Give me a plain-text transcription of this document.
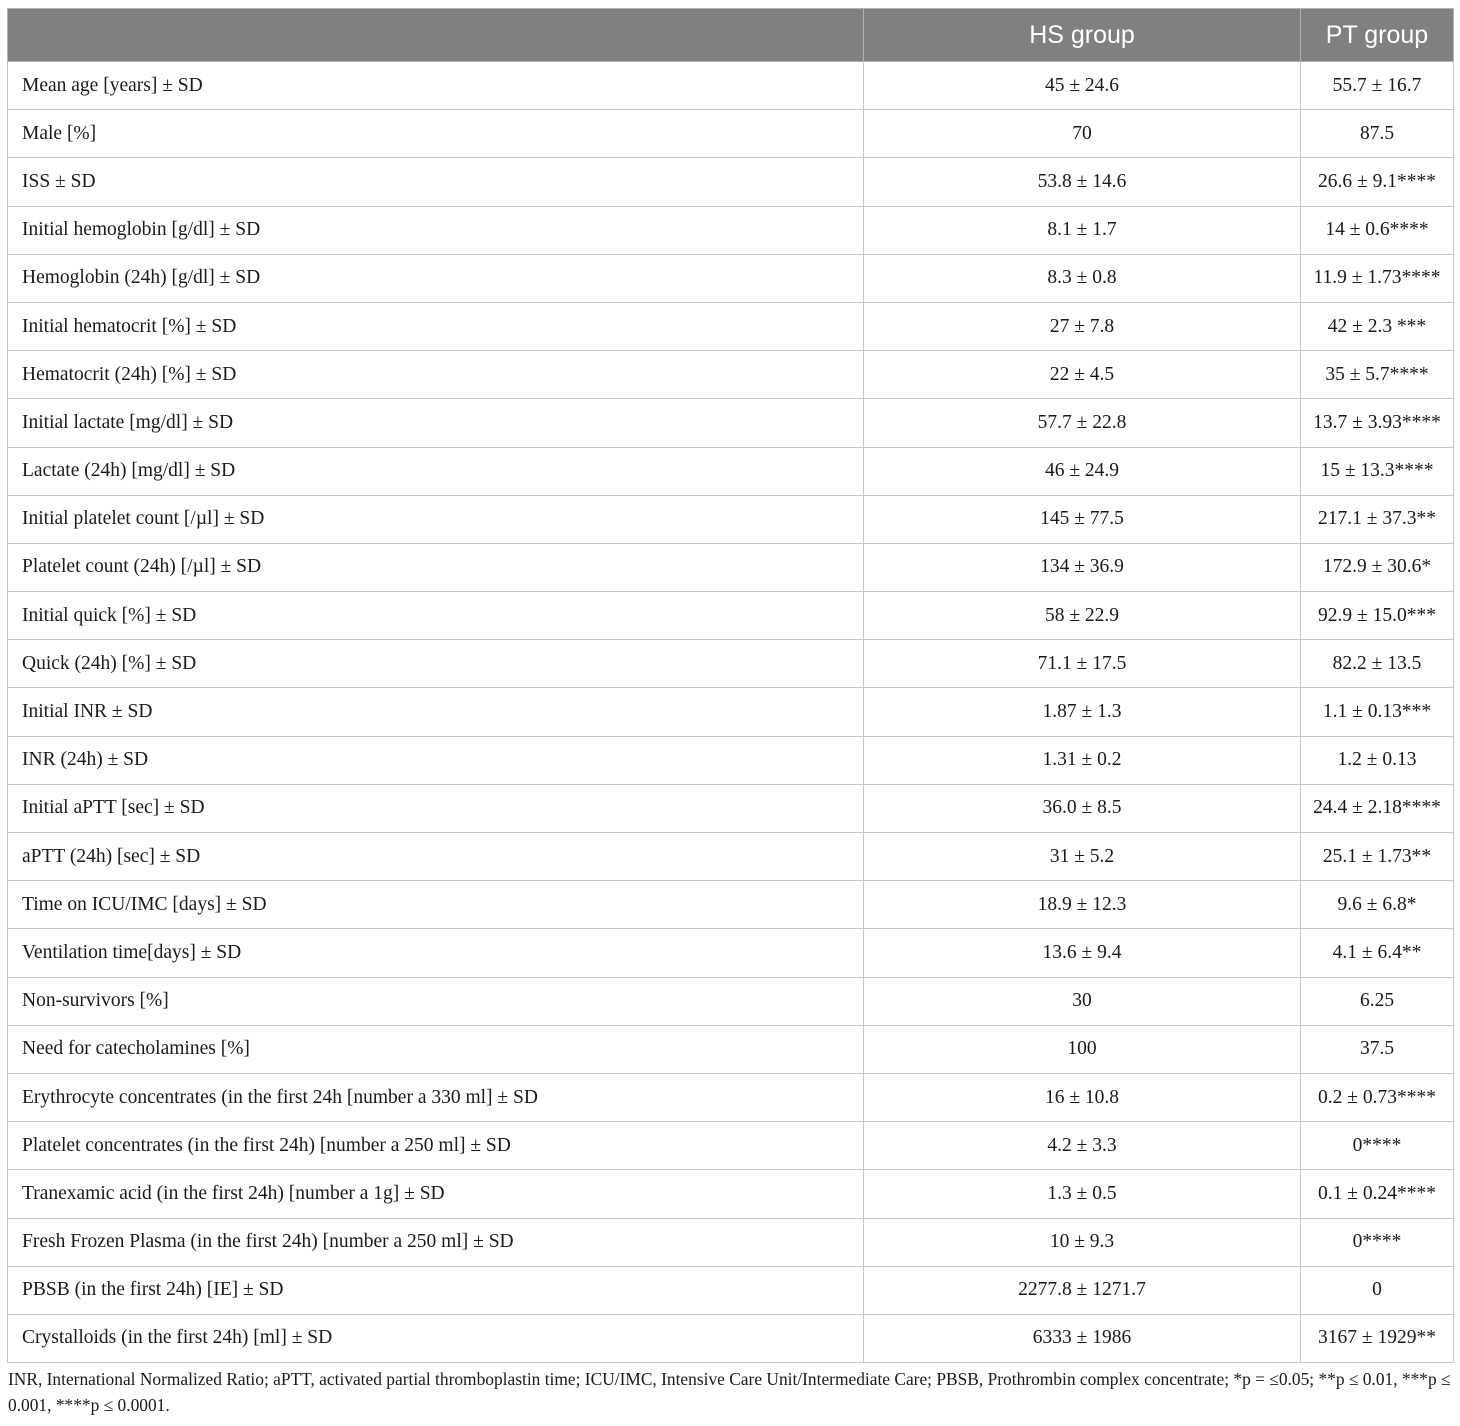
	HS group	PT group
Mean age [years] ± SD	45 ± 24.6	55.7 ± 16.7
Male [%]	70	87.5
ISS ± SD	53.8 ± 14.6	26.6 ± 9.1****
Initial hemoglobin [g/dl] ± SD	8.1 ± 1.7	14 ± 0.6****
Hemoglobin (24h) [g/dl] ± SD	8.3 ± 0.8	11.9 ± 1.73****
Initial hematocrit [%] ± SD	27 ± 7.8	42 ± 2.3 ***
Hematocrit (24h) [%] ± SD	22 ± 4.5	35 ± 5.7****
Initial lactate [mg/dl] ± SD	57.7 ± 22.8	13.7 ± 3.93****
Lactate (24h) [mg/dl] ± SD	46 ± 24.9	15 ± 13.3****
Initial platelet count [/µl] ± SD	145 ± 77.5	217.1 ± 37.3**
Platelet count (24h) [/µl] ± SD	134 ± 36.9	172.9 ± 30.6*
Initial quick [%] ± SD	58 ± 22.9	92.9 ± 15.0***
Quick (24h) [%] ± SD	71.1 ± 17.5	82.2 ± 13.5
Initial INR ± SD	1.87 ± 1.3	1.1 ± 0.13***
INR (24h) ± SD	1.31 ± 0.2	1.2 ± 0.13
Initial aPTT [sec] ± SD	36.0 ± 8.5	24.4 ± 2.18****
aPTT (24h) [sec] ± SD	31 ± 5.2	25.1 ± 1.73**
Time on ICU/IMC [days] ± SD	18.9 ± 12.3	9.6 ± 6.8*
Ventilation time[days] ± SD	13.6 ± 9.4	4.1 ± 6.4**
Non-survivors [%]	30	6.25
Need for catecholamines [%]	100	37.5
Erythrocyte concentrates (in the first 24h [number a 330 ml] ± SD	16 ± 10.8	0.2 ± 0.73****
Platelet concentrates (in the first 24h) [number a 250 ml] ± SD	4.2 ± 3.3	0****
Tranexamic acid (in the first 24h) [number a 1g] ± SD	1.3 ± 0.5	0.1 ± 0.24****
Fresh Frozen Plasma (in the first 24h) [number a 250 ml] ± SD	10 ± 9.3	0****
PBSB (in the first 24h) [IE] ± SD	2277.8 ± 1271.7	0
Crystalloids (in the first 24h) [ml] ± SD	6333 ± 1986	3167 ± 1929**
INR, International Normalized Ratio; aPTT, activated partial thromboplastin time; ICU/IMC, Intensive Care Unit/Intermediate Care; PBSB, Prothrombin complex concentrate; *p = ≤0.05; **p ≤ 0.01, ***p ≤ 0.001, ****p ≤ 0.0001.
